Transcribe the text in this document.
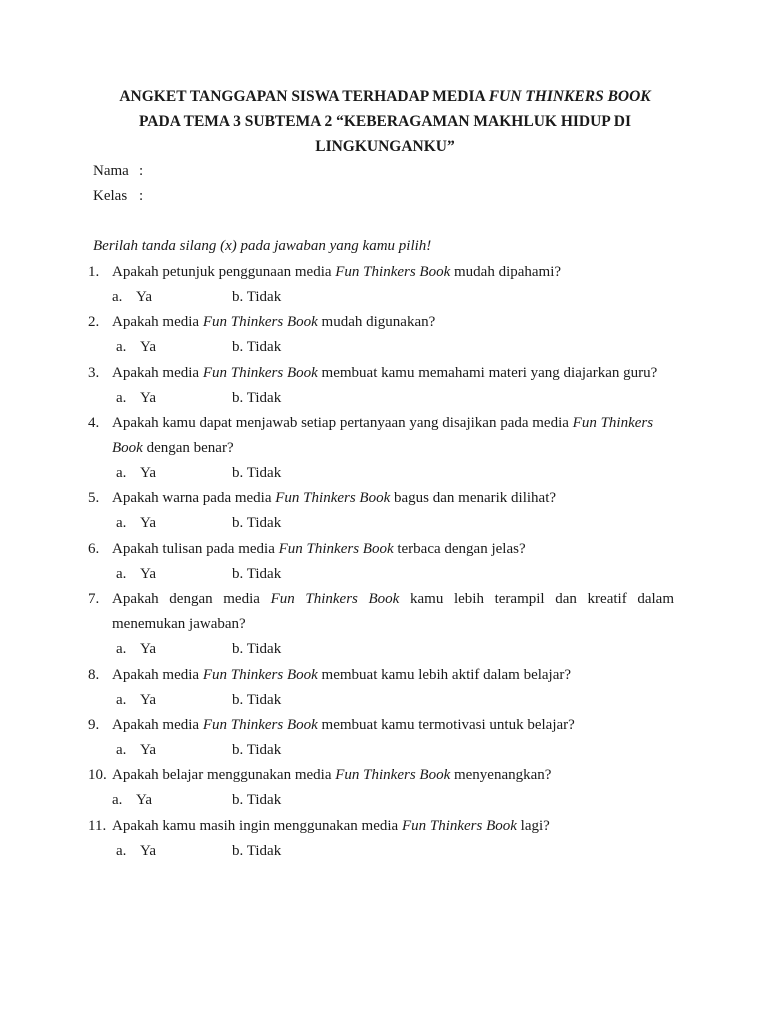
ANGKET TANGGAPAN SISWA TERHADAP MEDIA FUN THINKERS BOOK
PADA TEMA 3 SUBTEMA 2 “KEBERAGAMAN MAKHLUK HIDUP DI
LINGKUNGANKU”
Nama :
Kelas :
Berilah tanda silang (x) pada jawaban yang kamu pilih!
1. Apakah petunjuk penggunaan media Fun Thinkers Book mudah dipahami?
a. Ya	b. Tidak
2. Apakah media Fun Thinkers Book mudah digunakan?
a. Ya	b. Tidak
3. Apakah media Fun Thinkers Book membuat kamu memahami materi yang diajarkan guru?
a. Ya	b. Tidak
4. Apakah kamu dapat menjawab setiap pertanyaan yang disajikan pada media Fun Thinkers
Book dengan benar?
a. Ya	b. Tidak
5. Apakah warna pada media Fun Thinkers Book bagus dan menarik dilihat?
a. Ya	b. Tidak
6. Apakah tulisan pada media Fun Thinkers Book terbaca dengan jelas?
a. Ya	b. Tidak
7. Apakah dengan media Fun Thinkers Book kamu lebih terampil dan kreatif dalam
menemukan jawaban?
a. Ya	b. Tidak
8. Apakah media Fun Thinkers Book membuat kamu lebih aktif dalam belajar?
a. Ya	b. Tidak
9. Apakah media Fun Thinkers Book membuat kamu termotivasi untuk belajar?
a. Ya	b. Tidak
10. Apakah belajar menggunakan media Fun Thinkers Book menyenangkan?
a. Ya	b. Tidak
11. Apakah kamu masih ingin menggunakan media Fun Thinkers Book lagi?
a. Ya	b. Tidak
